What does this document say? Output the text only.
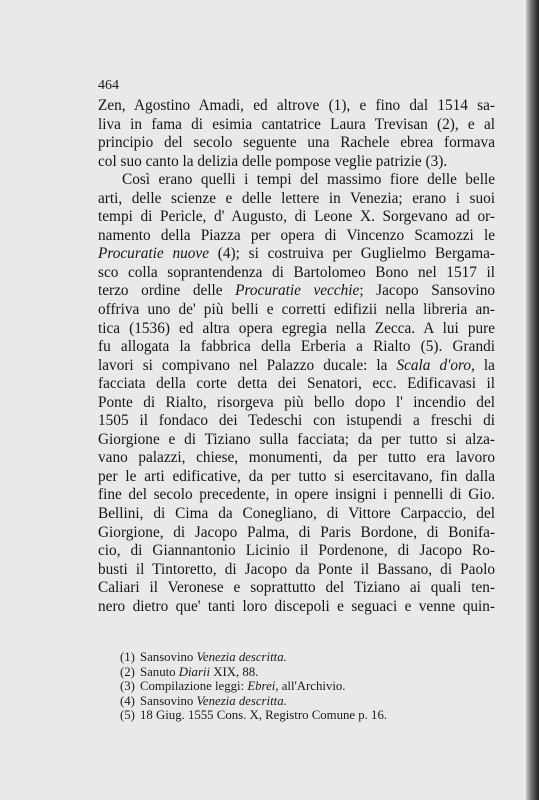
464
Zen, Agostino Amadi, ed altrove (1), e fino dal 1514 sa-
liva in fama di esimia cantatrice Laura Trevisan (2), e al
principio del secolo seguente una Rachele ebrea formava
col suo canto la delizia delle pompose veglie patrizie (3).
Così erano quelli i tempi del massimo fiore delle belle
arti, delle scienze e delle lettere in Venezia; erano i suoi
tempi di Pericle, d' Augusto, di Leone X. Sorgevano ad or-
namento della Piazza per opera di Vincenzo Scamozzi le
Procuratie nuove (4); si costruiva per Guglielmo Bergama-
sco colla soprantendenza di Bartolomeo Bono nel 1517 il
terzo ordine delle Procuratie vecchie; Jacopo Sansovino
offriva uno de' più belli e corretti edifizii nella libreria an-
tica (1536) ed altra opera egregia nella Zecca. A lui pure
fu allogata la fabbrica della Erberia a Rialto (5). Grandi
lavori si compivano nel Palazzo ducale: la Scala d'oro, la
facciata della corte detta dei Senatori, ecc. Edificavasi il
Ponte di Rialto, risorgeva più bello dopo l' incendio del
1505 il fondaco dei Tedeschi con istupendi a freschi di
Giorgione e di Tiziano sulla facciata; da per tutto si alza-
vano palazzi, chiese, monumenti, da per tutto era lavoro
per le arti edificative, da per tutto si esercitavano, fin dalla
fine del secolo precedente, in opere insigni i pennelli di Gio.
Bellini, di Cima da Conegliano, di Vittore Carpaccio, del
Giorgione, di Jacopo Palma, di Paris Bordone, di Bonifa-
cio, di Giannantonio Licinio il Pordenone, di Jacopo Ro-
busti il Tintoretto, di Jacopo da Ponte il Bassano, di Paolo
Caliari il Veronese e soprattutto del Tiziano ai quali ten-
nero dietro que' tanti loro discepoli e seguaci e venne quin-
(1) Sansovino Venezia descritta.
(2) Sanuto Diarii XIX, 88.
(3) Compilazione leggi: Ebrei, all'Archivio.
(4) Sansovino Venezia descritta.
(5) 18 Giug. 1555 Cons. X, Registro Comune p. 16.
